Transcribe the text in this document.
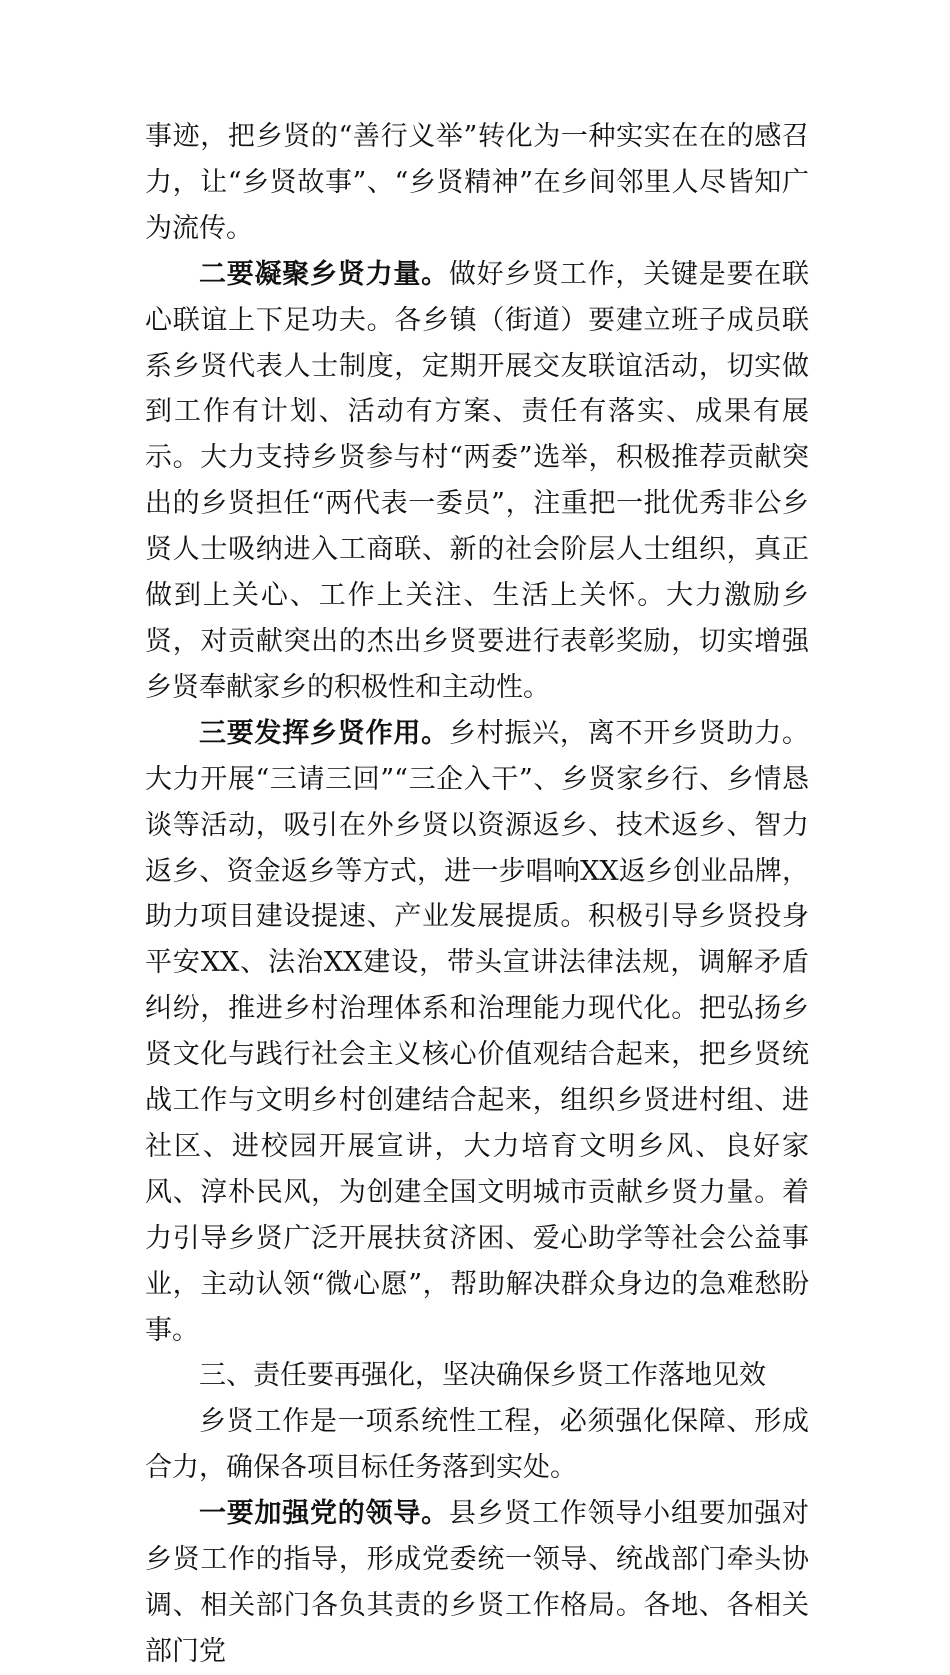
事迹，把乡贤的“善行义举”转化为一种实实在在的感召力，让“乡贤故事”、“乡贤精神”在乡间邻里人尽皆知广为流传。

二要凝聚乡贤力量。做好乡贤工作，关键是要在联心联谊上下足功夫。各乡镇（街道）要建立班子成员联系乡贤代表人士制度，定期开展交友联谊活动，切实做到工作有计划、活动有方案、责任有落实、成果有展示。大力支持乡贤参与村“两委”选举，积极推荐贡献突出的乡贤担任“两代表一委员”，注重把一批优秀非公乡贤人士吸纳进入工商联、新的社会阶层人士组织，真正做到上关心、工作上关注、生活上关怀。大力激励乡贤，对贡献突出的杰出乡贤要进行表彰奖励，切实增强乡贤奉献家乡的积极性和主动性。

三要发挥乡贤作用。乡村振兴，离不开乡贤助力。大力开展“三请三回”“三企入干”、乡贤家乡行、乡情恳谈等活动，吸引在外乡贤以资源返乡、技术返乡、智力返乡、资金返乡等方式，进一步唱响XX返乡创业品牌，助力项目建设提速、产业发展提质。积极引导乡贤投身平安XX、法治XX建设，带头宣讲法律法规，调解矛盾纠纷，推进乡村治理体系和治理能力现代化。把弘扬乡贤文化与践行社会主义核心价值观结合起来，把乡贤统战工作与文明乡村创建结合起来，组织乡贤进村组、进社区、进校园开展宣讲，大力培育文明乡风、良好家风、淳朴民风，为创建全国文明城市贡献乡贤力量。着力引导乡贤广泛开展扶贫济困、爱心助学等社会公益事业，主动认领“微心愿”，帮助解决群众身边的急难愁盼事。

三、责任要再强化，坚决确保乡贤工作落地见效

乡贤工作是一项系统性工程，必须强化保障、形成合力，确保各项目标任务落到实处。

一要加强党的领导。县乡贤工作领导小组要加强对乡贤工作的指导，形成党委统一领导、统战部门牵头协调、相关部门各负其责的乡贤工作格局。各地、各相关部门党
